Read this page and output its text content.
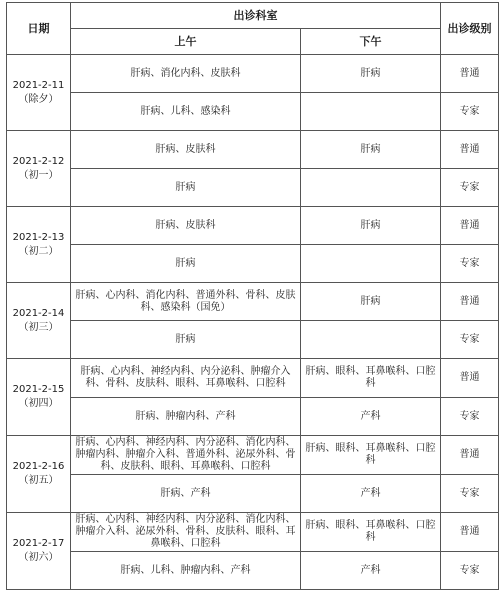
日期	出诊科室		出诊级别
	上午	下午	

2021-2-11
（除夕）	肝病、消化内科、皮肤科	肝病	普通
	肝病、儿科、感染科		专家

2021-2-12
（初一）	肝病、皮肤科	肝病	普通
	肝病		专家

2021-2-13
（初二）	肝病、皮肤科	肝病	普通
	肝病		专家

2021-2-14
（初三）	肝病、心内科、消化内科、普通外科、骨科、皮肤科、感染科（国免）	肝病	普通
	肝病		专家

2021-2-15
（初四）	肝病、心内科、神经内科、内分泌科、肿瘤介入科、骨科、皮肤科、眼科、耳鼻喉科、口腔科	肝病、眼科、耳鼻喉科、口腔科	普通
	肝病、肿瘤内科、产科	产科	专家

2021-2-16
（初五）	肝病、心内科、神经内科、内分泌科、消化内科、肿瘤内科、肿瘤介入科、普通外科、泌尿外科、骨科、皮肤科、眼科、耳鼻喉科、口腔科	肝病、眼科、耳鼻喉科、口腔科	普通
	肝病、产科	产科	专家

2021-2-17
（初六）	肝病、心内科、神经内科、内分泌科、消化内科、肿瘤介入科、泌尿外科、骨科、皮肤科、眼科、耳鼻喉科、口腔科	肝病、眼科、耳鼻喉科、口腔科	普通
	肝病、儿科、肿瘤内科、产科	产科	专家
